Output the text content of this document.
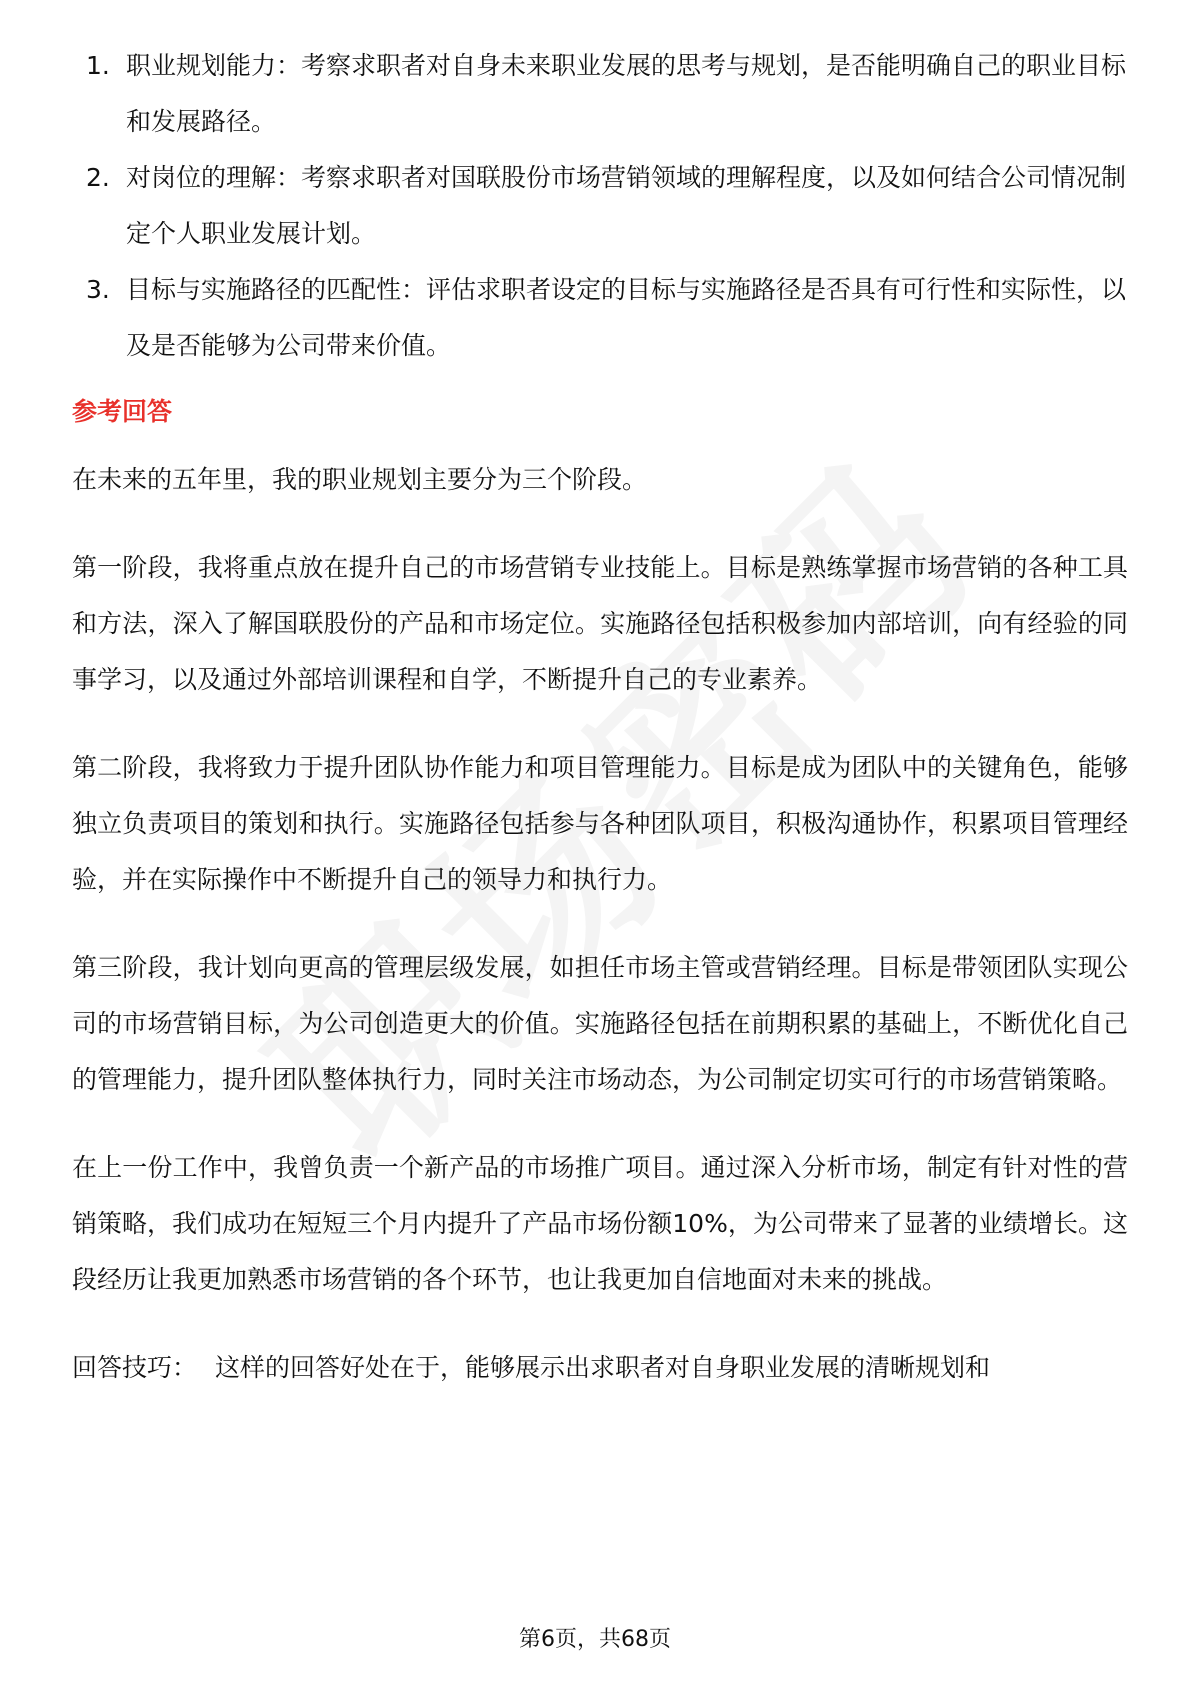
1. 职业规划能力：考察求职者对自身未来职业发展的思考与规划，是否能明确自己的职业目标和发展路径。
2. 对岗位的理解：考察求职者对国联股份市场营销领域的理解程度，以及如何结合公司情况制定个人职业发展计划。
3. 目标与实施路径的匹配性：评估求职者设定的目标与实施路径是否具有可行性和实际性，以及是否能够为公司带来价值。
参考回答

在未来的五年里，我的职业规划主要分为三个阶段。

第一阶段，我将重点放在提升自己的市场营销专业技能上。目标是熟练掌握市场营销的各种工具和方法，深入了解国联股份的产品和市场定位。实施路径包括积极参加内部培训，向有经验的同事学习，以及通过外部培训课程和自学，不断提升自己的专业素养。

第二阶段，我将致力于提升团队协作能力和项目管理能力。目标是成为团队中的关键角色，能够独立负责项目的策划和执行。实施路径包括参与各种团队项目，积极沟通协作，积累项目管理经验，并在实际操作中不断提升自己的领导力和执行力。

第三阶段，我计划向更高的管理层级发展，如担任市场主管或营销经理。目标是带领团队实现公司的市场营销目标，为公司创造更大的价值。实施路径包括在前期积累的基础上，不断优化自己的管理能力，提升团队整体执行力，同时关注市场动态，为公司制定切实可行的市场营销策略。

在上一份工作中，我曾负责一个新产品的市场推广项目。通过深入分析市场，制定有针对性的营销策略，我们成功在短短三个月内提升了产品市场份额10%，为公司带来了显著的业绩增长。这段经历让我更加熟悉市场营销的各个环节，也让我更加自信地面对未来的挑战。

回答技巧： 这样的回答好处在于，能够展示出求职者对自身职业发展的清晰规划和

第6页，共68页
